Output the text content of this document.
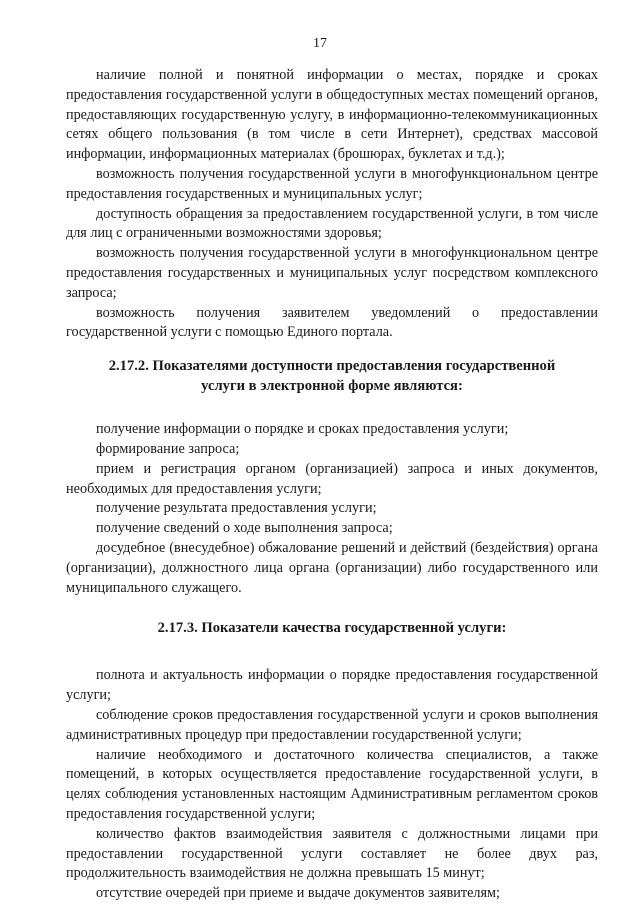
17

наличие полной и понятной информации о местах, порядке и сроках предоставления государственной услуги в общедоступных местах помещений органов, предоставляющих государственную услугу, в информационно-телекоммуникационных сетях общего пользования (в том числе в сети Интернет), средствах массовой информации, информационных материалах (брошюрах, буклетах и т.д.);

возможность получения государственной услуги в многофункциональном центре предоставления государственных и муниципальных услуг;

доступность обращения за предоставлением государственной услуги, в том числе для лиц с ограниченными возможностями здоровья;

возможность получения государственной услуги в многофункциональном центре предоставления государственных и муниципальных услуг посредством комплексного запроса;

возможность получения заявителем уведомлений о предоставлении государственной услуги с помощью Единого портала.

2.17.2. Показателями доступности предоставления государственной
услуги в электронной форме являются:

получение информации о порядке и сроках предоставления услуги;

формирование запроса;

прием и регистрация органом (организацией) запроса и иных документов, необходимых для предоставления услуги;

получение результата предоставления услуги;

получение сведений о ходе выполнения запроса;

досудебное (внесудебное) обжалование решений и действий (бездействия) органа (организации), должностного лица органа (организации) либо государственного или муниципального служащего.

2.17.3. Показатели качества государственной услуги:

полнота и актуальность информации о порядке предоставления государственной услуги;

соблюдение сроков предоставления государственной услуги и сроков выполнения административных процедур при предоставлении государственной услуги;

наличие необходимого и достаточного количества специалистов, а также помещений, в которых осуществляется предоставление государственной услуги, в целях соблюдения установленных настоящим Административным регламентом сроков предоставления государственной услуги;

количество фактов взаимодействия заявителя с должностными лицами при предоставлении государственной услуги составляет не более двух раз, продолжительность взаимодействия не должна превышать 15 минут;

отсутствие очередей при приеме и выдаче документов заявителям;
